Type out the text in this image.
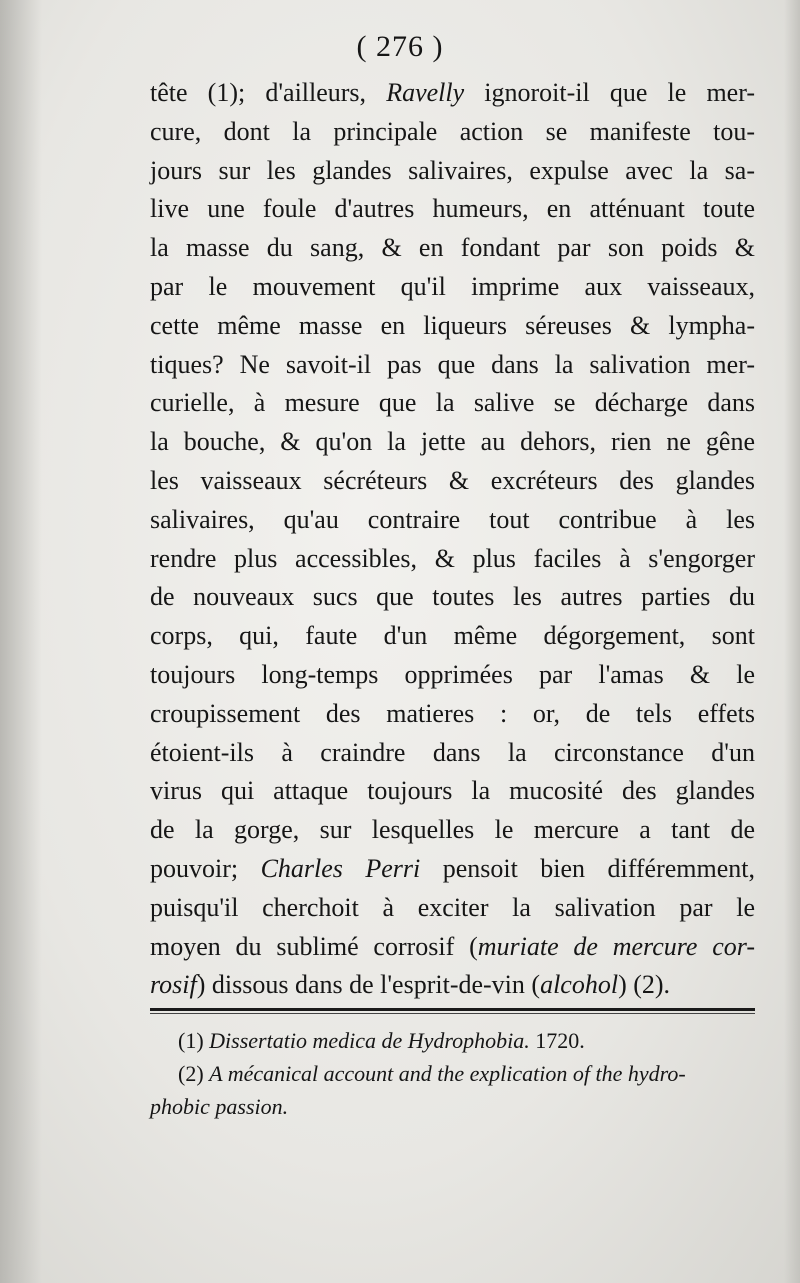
( 276 )
tête (1); d'ailleurs, Ravelly ignoroit-il que le mer-
cure, dont la principale action se manifeste tou-
jours sur les glandes salivaires, expulse avec la sa-
live une foule d'autres humeurs, en atténuant toute
la masse du sang, & en fondant par son poids &
par le mouvement qu'il imprime aux vaisseaux,
cette même masse en liqueurs séreuses & lympha-
tiques? Ne savoit-il pas que dans la salivation mer-
curielle, à mesure que la salive se décharge dans
la bouche, & qu'on la jette au dehors, rien ne gêne
les vaisseaux sécréteurs & excréteurs des glandes
salivaires, qu'au contraire tout contribue à les
rendre plus accessibles, & plus faciles à s'engorger
de nouveaux sucs que toutes les autres parties du
corps, qui, faute d'un même dégorgement, sont
toujours long-temps opprimées par l'amas & le
croupissement des matieres : or, de tels effets
étoient-ils à craindre dans la circonstance d'un
virus qui attaque toujours la mucosité des glandes
de la gorge, sur lesquelles le mercure a tant de
pouvoir; Charles Perri pensoit bien différemment,
puisqu'il cherchoit à exciter la salivation par le
moyen du sublimé corrosif (muriate de mercure cor-
rosif) dissous dans de l'esprit-de-vin (alcohol) (2).
(1) Dissertatio medica de Hydrophobia. 1720.
(2) A mécanical account and the explication of the hydro-
phobic passion.
